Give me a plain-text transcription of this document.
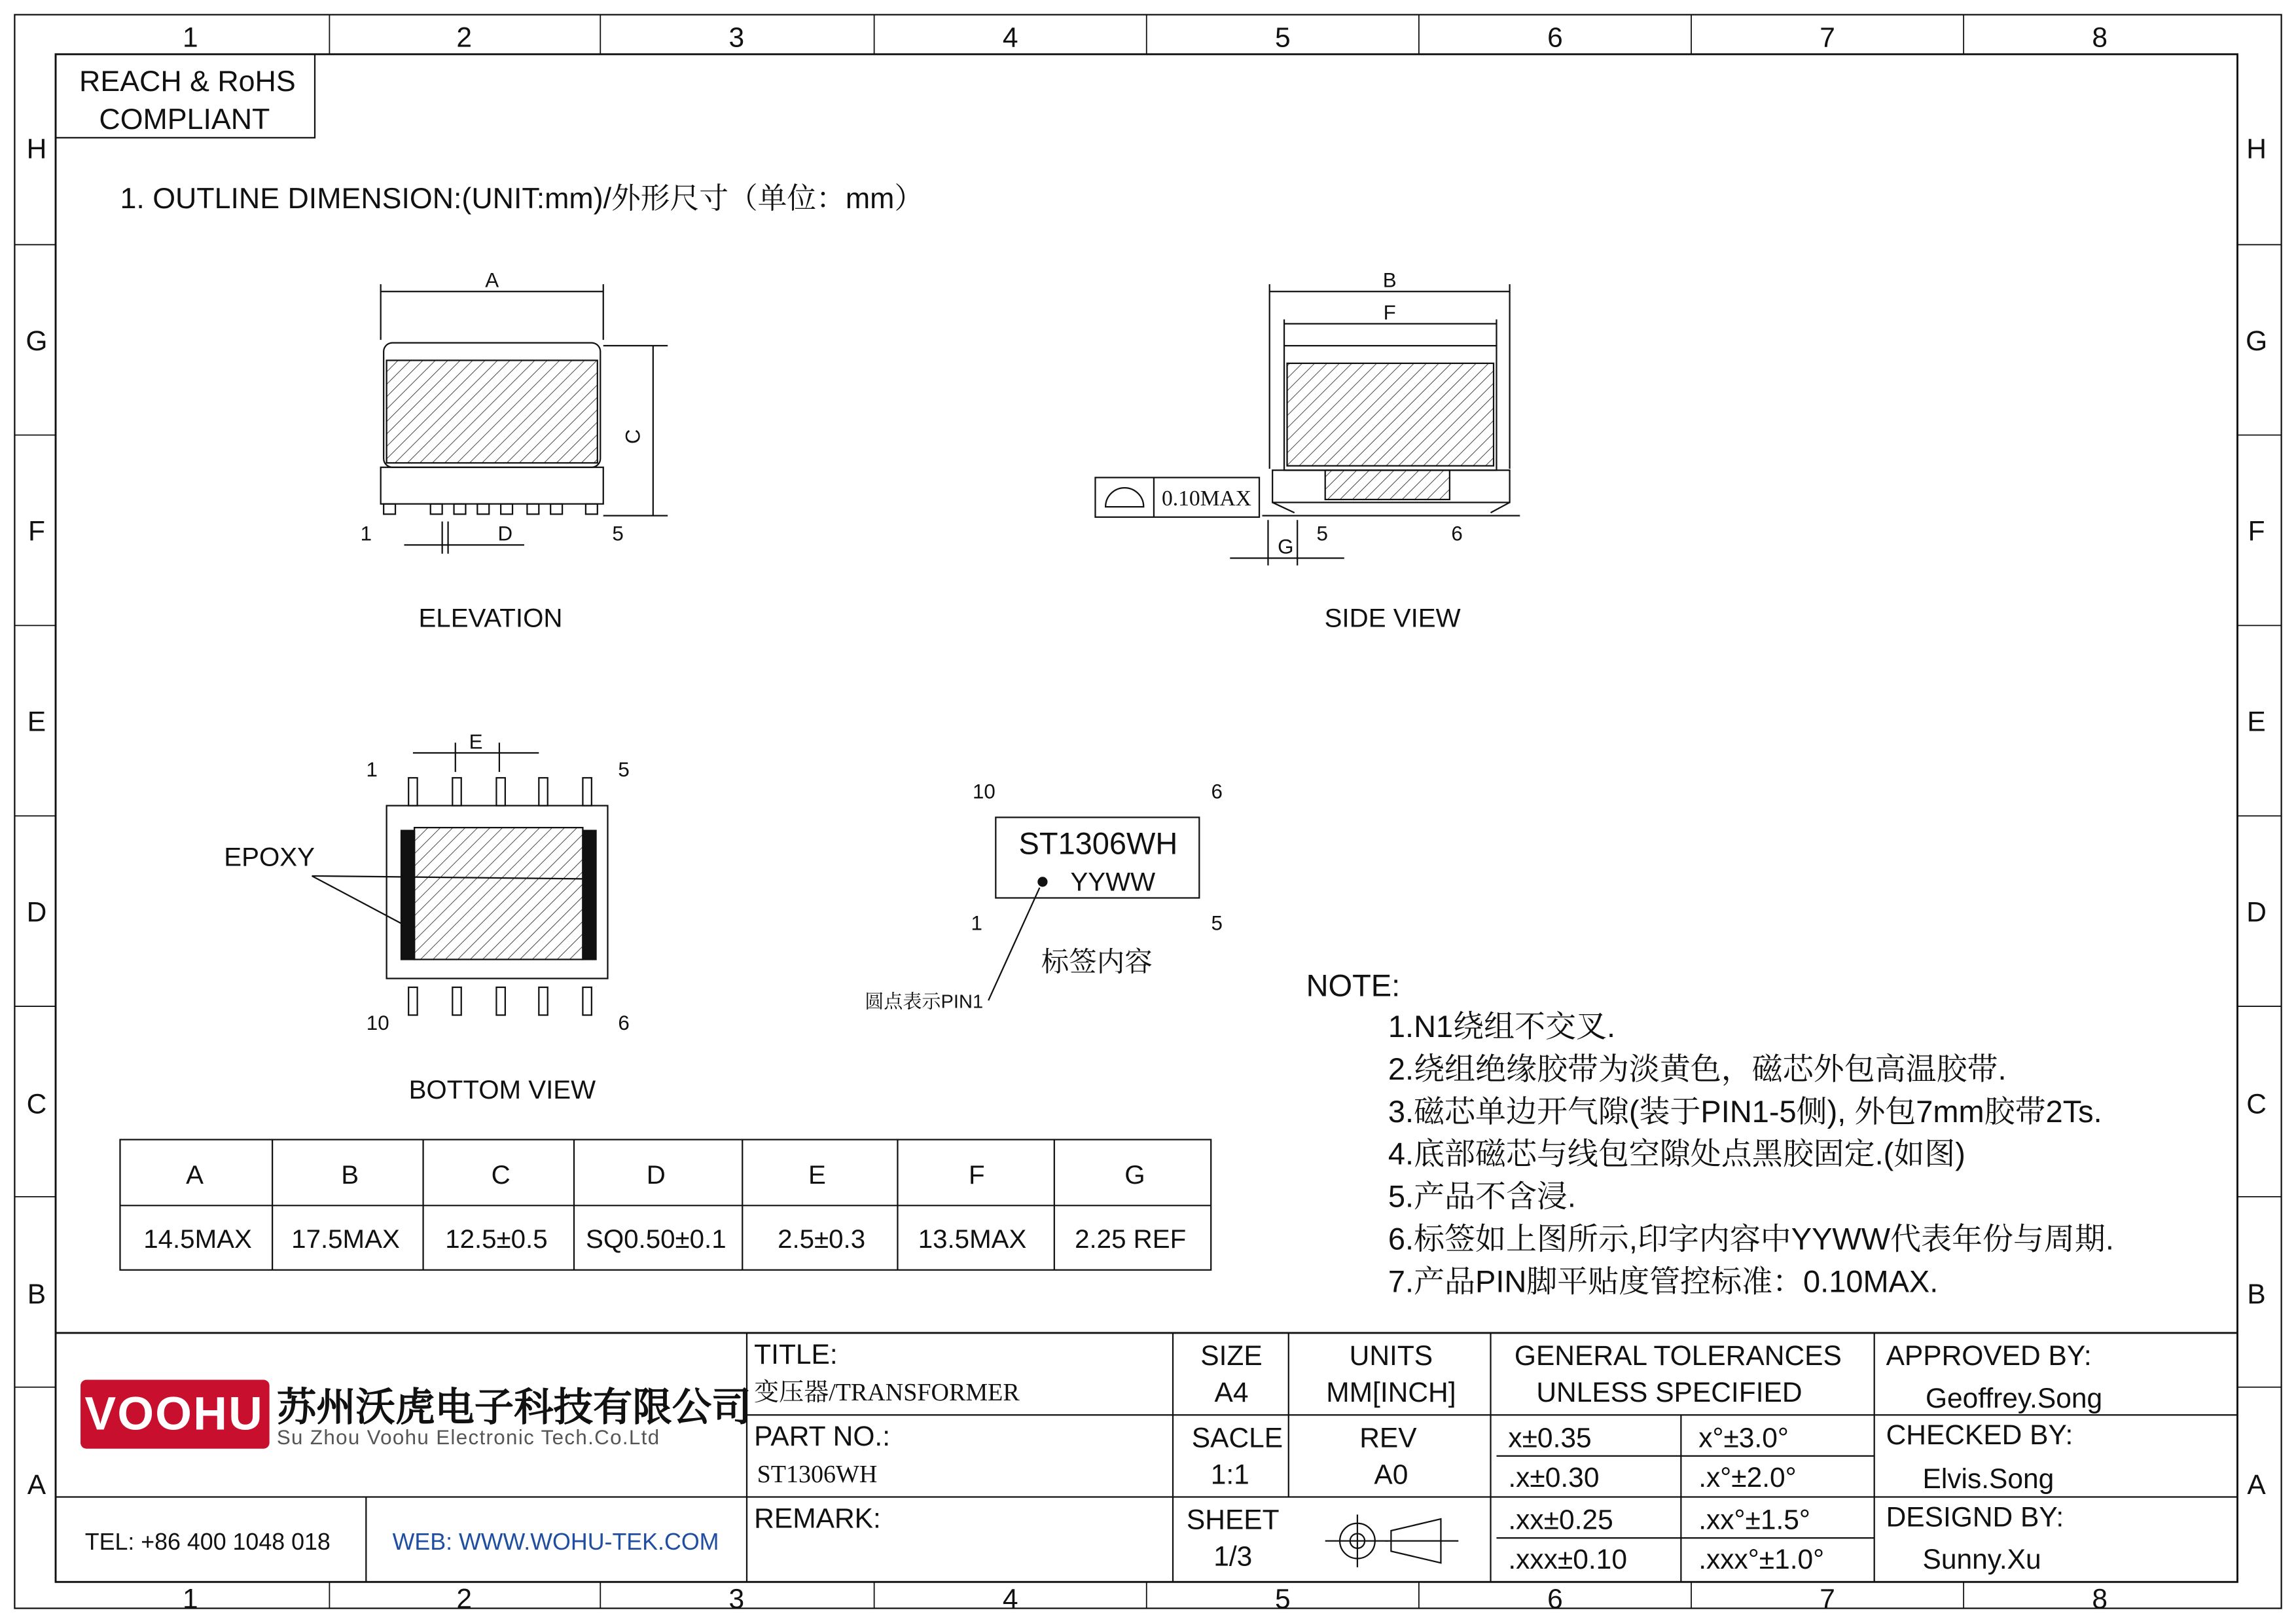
1	2	3	4	5	6	7	8
1	2	3	4	5	6	7	8
H
G
F
E
D
C
B
A
H
G
F
E
D
C
B
A
REACH & RoHS
COMPLIANT
1. OUTLINE DIMENSION:(UNIT:mm)/外形尺寸（单位：mm）
A
C
D
1	5
ELEVATION
B
F
G
5	6
0.10MAX
SIDE VIEW
E
EPOXY
1	5
10	6
BOTTOM VIEW
ST1306WH
YYWW
10	6
1	5
标签内容
圆点表示PIN1
A	B	C	D	E	F	G
14.5MAX	17.5MAX	12.5±0.5	SQ0.50±0.1	2.5±0.3	13.5MAX	2.25 REF
NOTE:
1.N1绕组不交叉.
2.绕组绝缘胶带为淡黄色，磁芯外包高温胶带.
3.磁芯单边开气隙(装于PIN1-5侧), 外包7mm胶带2Ts.
4.底部磁芯与线包空隙处点黑胶固定.(如图)
5.产品不含浸.
6.标签如上图所示,印字内容中YYWW代表年份与周期.
7.产品PIN脚平贴度管控标准：0.10MAX.
VOOHU 苏州沃虎电子科技有限公司
Su Zhou Voohu Electronic Tech.Co.Ltd
TEL: +86 400 1048 018	WEB: WWW.WOHU-TEK.COM
TITLE:
变压器/TRANSFORMER
PART NO.:
ST1306WH
REMARK:
SIZE
A4
UNITS
MM[INCH]
SACLE
1:1
REV
A0
SHEET
1/3
GENERAL TOLERANCES
UNLESS SPECIFIED
x±0.35	x°±3.0°
.x±0.30	.x°±2.0°
.xx±0.25	.xx°±1.5°
.xxx±0.10	.xxx°±1.0°
APPROVED BY:
Geoffrey.Song
CHECKED BY:
Elvis.Song
DESIGND BY:
Sunny.Xu
